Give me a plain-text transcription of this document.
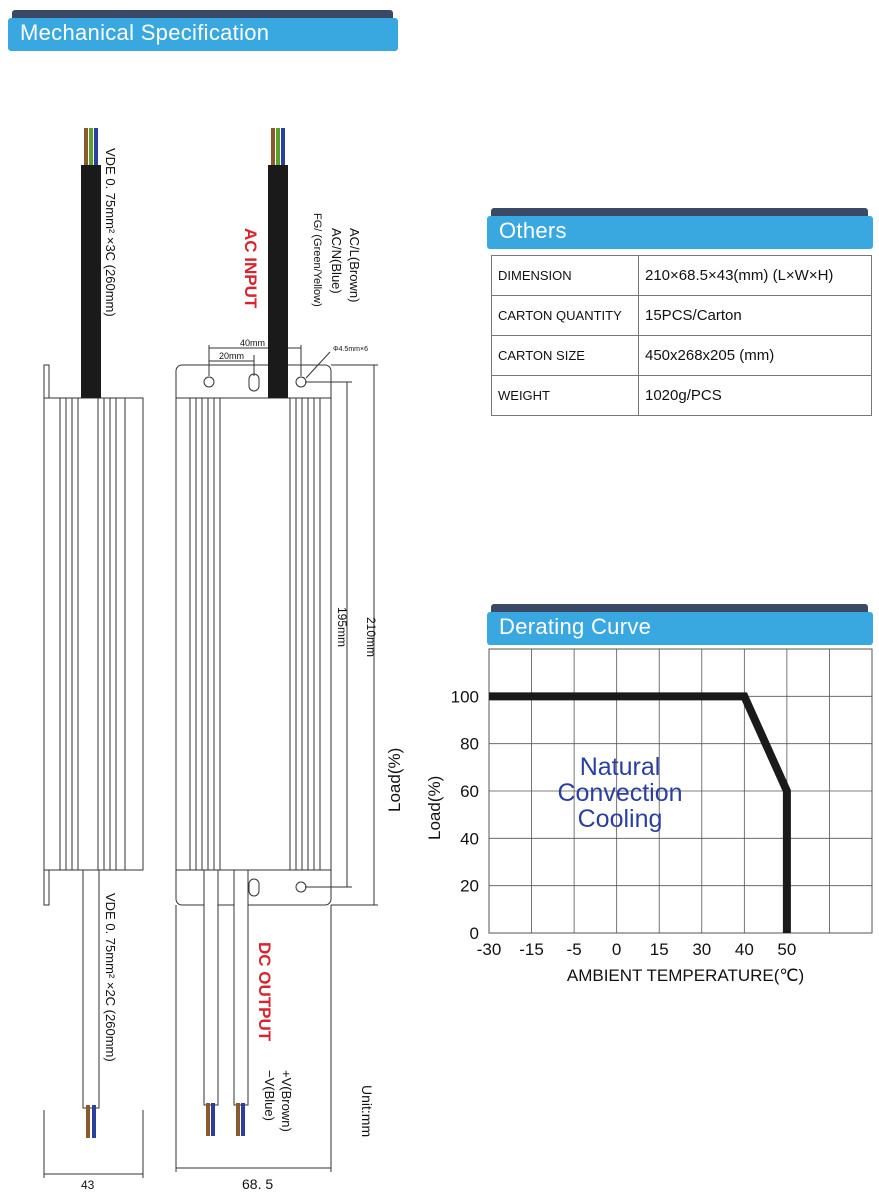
Mechanical Specification
Others
Derating Curve
DIMENSION	210×68.5×43(mm) (L×W×H)
CARTON QUANTITY	15PCS/Carton
CARTON SIZE	450x268x205 (mm)
WEIGHT	1020g/PCS
VDE 0. 75mm² ×3C (260mm)
VDE 0. 75mm² ×2C (260mm)
AC INPUT	AC/L(Brown)
AC/N(Blue)
FG/ (Green/Yellow)
DC OUTPUT
+V(Brown)
−V(Blue)
195mm 210mm
Unit:mm
40mm
20mm
Φ4.5mm×6
43	68. 5
-30 -15 -5 0 15 30 40 50
0
20
40
60
80
100
AMBIENT TEMPERATURE(℃)
Load(%)
Natural
Convection
Cooling
Load(%)
